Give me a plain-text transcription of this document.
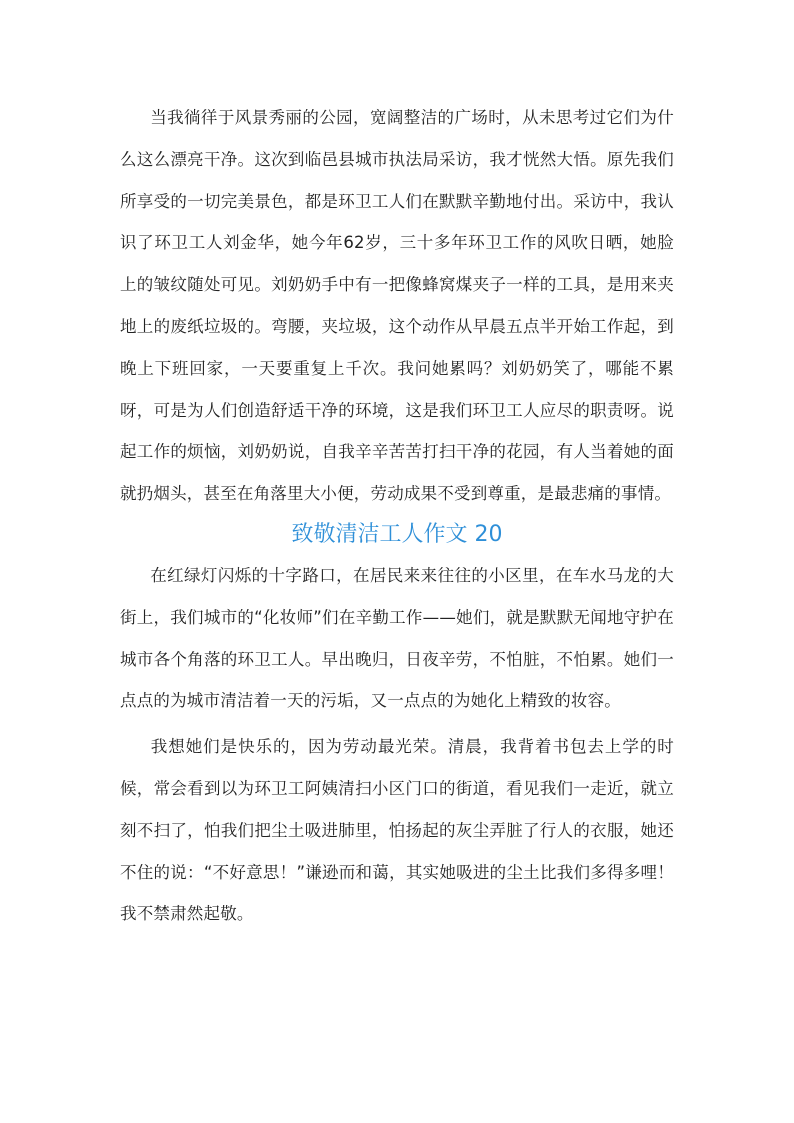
当我徜徉于风景秀丽的公园，宽阔整洁的广场时，从未思考过它们为什么这么漂亮干净。这次到临邑县城市执法局采访，我才恍然大悟。原先我们所享受的一切完美景色，都是环卫工人们在默默辛勤地付出。采访中，我认识了环卫工人刘金华，她今年62岁，三十多年环卫工作的风吹日晒，她脸上的皱纹随处可见。刘奶奶手中有一把像蜂窝煤夹子一样的工具，是用来夹地上的废纸垃圾的。弯腰，夹垃圾，这个动作从早晨五点半开始工作起，到晚上下班回家，一天要重复上千次。我问她累吗？刘奶奶笑了，哪能不累呀，可是为人们创造舒适干净的环境，这是我们环卫工人应尽的职责呀。说起工作的烦恼，刘奶奶说，自我辛辛苦苦打扫干净的花园，有人当着她的面就扔烟头，甚至在角落里大小便，劳动成果不受到尊重，是最悲痛的事情。

致敬清洁工人作文 20

在红绿灯闪烁的十字路口，在居民来来往往的小区里，在车水马龙的大街上，我们城市的“化妆师”们在辛勤工作——她们，就是默默无闻地守护在城市各个角落的环卫工人。早出晚归，日夜辛劳，不怕脏，不怕累。她们一点点的为城市清洁着一天的污垢，又一点点的为她化上精致的妆容。

我想她们是快乐的，因为劳动最光荣。清晨，我背着书包去上学的时候，常会看到以为环卫工阿姨清扫小区门口的街道，看见我们一走近，就立刻不扫了，怕我们把尘土吸进肺里，怕扬起的灰尘弄脏了行人的衣服，她还不住的说：“不好意思！”谦逊而和蔼，其实她吸进的尘土比我们多得多哩！我不禁肃然起敬。
